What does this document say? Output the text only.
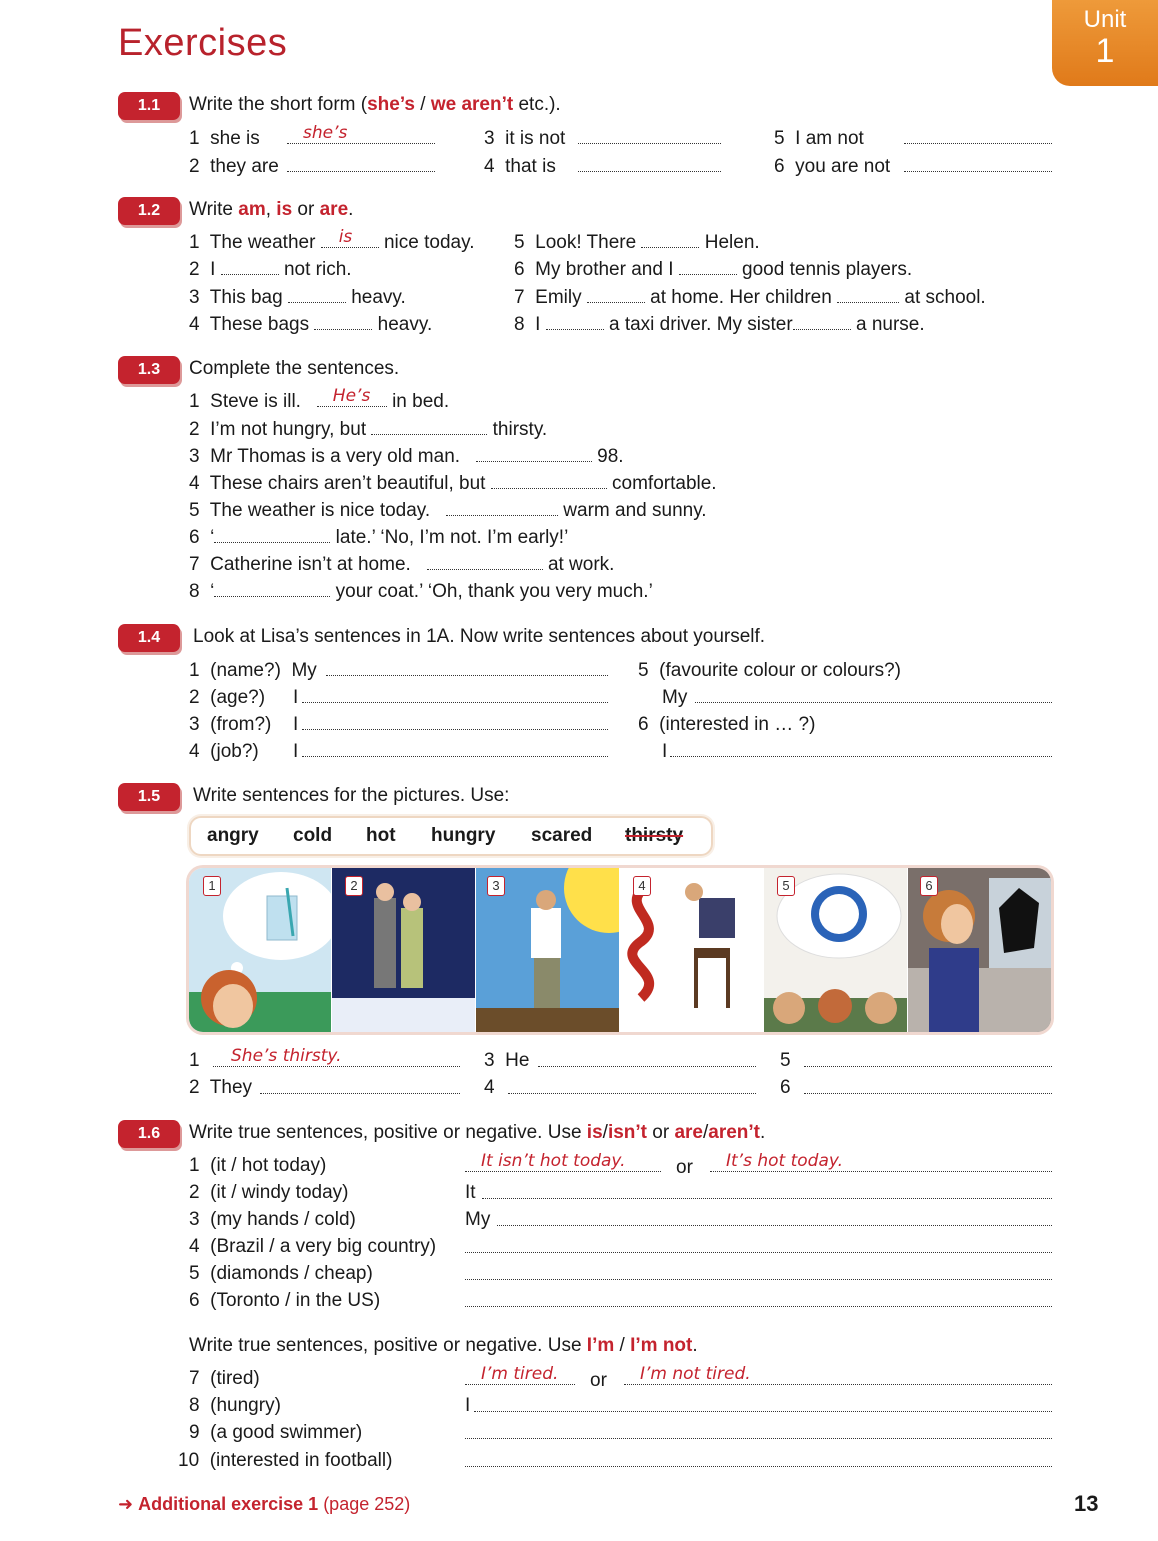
Exercises
Unit
1
1.1	Write the short form (she’s / we aren’t etc.).
1 she is	she’s
2 they are
3 it is not
4 that is
5 I am not
6 you are not
1.2	Write am, is or are.
1 The weather is nice today.
2 I	not rich.
3 This bag	heavy.
4 These bags	heavy.
5 Look! There	Helen.
6 My brother and I	good tennis players.
7 Emily	at home. Her children	at school.
8 I	a taxi driver. My sister	a nurse.
1.3	Complete the sentences.
1 Steve is ill. He’s in bed.
2 I’m not hungry, but	thirsty.
3 Mr Thomas is a very old man.	98.
4 These chairs aren’t beautiful, but	comfortable.
5 The weather is nice today.	warm and sunny.
6 ‘	late.’ ‘No, I’m not. I’m early!’
7 Catherine isn’t at home.	at work.
8 ‘	your coat.’ ‘Oh, thank you very much.’
1.4	Look at Lisa’s sentences in 1A. Now write sentences about yourself.
1 (name?) My
2 (age?) I
3 (from?) I
4 (job?) I
5 (favourite colour or colours?)
My
6 (interested in … ?)
I
1.5	Write sentences for the pictures. Use:
angry cold hot hungry scared thirsty
1	2	3	4	5	6
1 She’s thirsty.
2 They
3 He
4
5
6
1.6	Write true sentences, positive or negative. Use is/isn’t or are/aren’t.
1 (it / hot today)	It isn’t hot today.	or It’s hot today.
2 (it / windy today)	It
3 (my hands / cold)	My
4 (Brazil / a very big country)
5 (diamonds / cheap)
6 (Toronto / in the US)
Write true sentences, positive or negative. Use I’m / I’m not.
7 (tired)	I’m tired. or I’m not tired.
8 (hungry)	I
9 (a good swimmer)
10 (interested in football)
➜ Additional exercise 1 (page 252)	13
